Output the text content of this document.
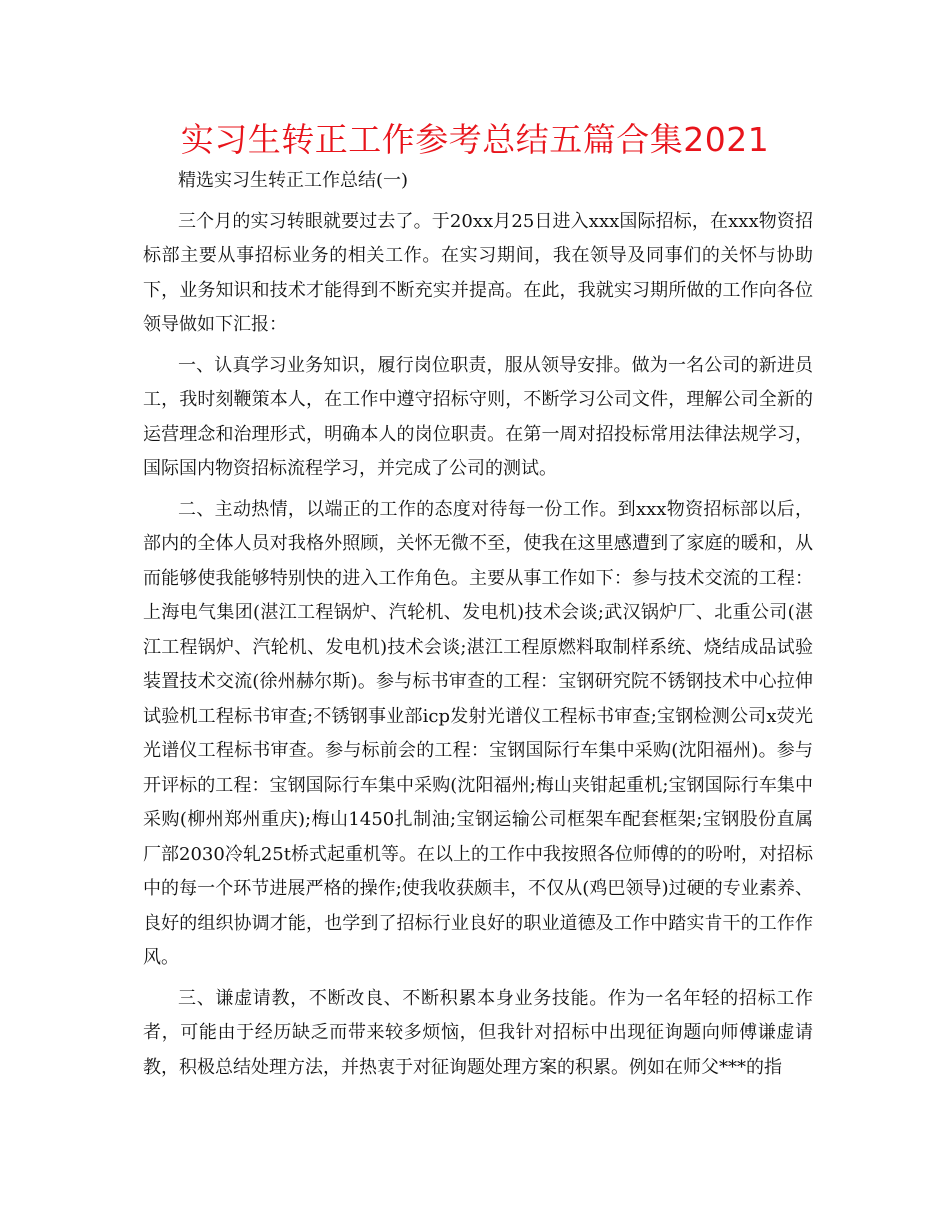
实习生转正工作参考总结五篇合集2021

精选实习生转正工作总结(一)

三个月的实习转眼就要过去了。于20xx月25日进入xxx国际招标，在xxx物资招标部主要从事招标业务的相关工作。在实习期间，我在领导及同事们的关怀与协助下，业务知识和技术才能得到不断充实并提高。在此，我就实习期所做的工作向各位领导做如下汇报：

一、认真学习业务知识，履行岗位职责，服从领导安排。做为一名公司的新进员工，我时刻鞭策本人，在工作中遵守招标守则，不断学习公司文件，理解公司全新的运营理念和治理形式，明确本人的岗位职责。在第一周对招投标常用法律法规学习，国际国内物资招标流程学习，并完成了公司的测试。

二、主动热情，以端正的工作的态度对待每一份工作。到xxx物资招标部以后，部内的全体人员对我格外照顾，关怀无微不至，使我在这里感遭到了家庭的暖和，从而能够使我能够特别快的进入工作角色。主要从事工作如下：参与技术交流的工程：上海电气集团(湛江工程锅炉、汽轮机、发电机)技术会谈;武汉锅炉厂、北重公司(湛江工程锅炉、汽轮机、发电机)技术会谈;湛江工程原燃料取制样系统、烧结成品试验装置技术交流(徐州赫尔斯)。参与标书审查的工程：宝钢研究院不锈钢技术中心拉伸试验机工程标书审查;不锈钢事业部icp发射光谱仪工程标书审查;宝钢检测公司x荧光光谱仪工程标书审查。参与标前会的工程：宝钢国际行车集中采购(沈阳福州)。参与开评标的工程：宝钢国际行车集中采购(沈阳福州;梅山夹钳起重机;宝钢国际行车集中采购(柳州郑州重庆);梅山1450扎制油;宝钢运输公司框架车配套框架;宝钢股份直属厂部2030冷轧25t桥式起重机等。在以上的工作中我按照各位师傅的的吩咐，对招标中的每一个环节进展严格的操作;使我收获颇丰，不仅从(鸡巴领导)过硬的专业素养、良好的组织协调才能，也学到了招标行业良好的职业道德及工作中踏实肯干的工作作风。

三、谦虚请教，不断改良、不断积累本身业务技能。作为一名年轻的招标工作者，可能由于经历缺乏而带来较多烦恼，但我针对招标中出现征询题向师傅谦虚请教，积极总结处理方法，并热衷于对征询题处理方案的积累。例如在师父***的指
